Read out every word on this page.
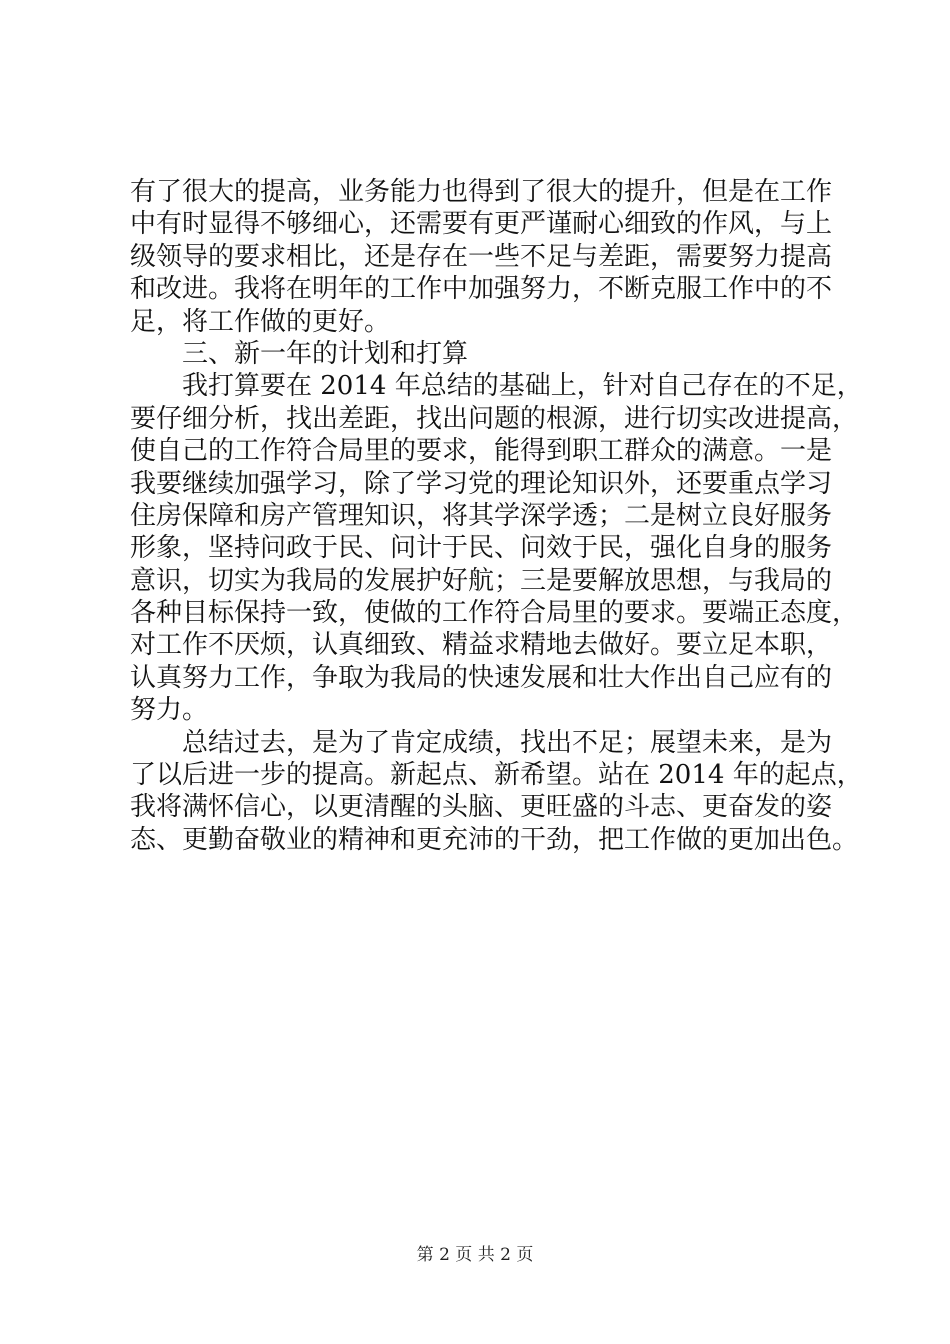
有了很大的提高，业务能力也得到了很大的提升，但是在工作
中有时显得不够细心，还需要有更严谨耐心细致的作风，与上
级领导的要求相比，还是存在一些不足与差距，需要努力提高
和改进。我将在明年的工作中加强努力，不断克服工作中的不
足，将工作做的更好。
三、新一年的计划和打算
我打算要在 2014 年总结的基础上，针对自己存在的不足，
要仔细分析，找出差距，找出问题的根源，进行切实改进提高，
使自己的工作符合局里的要求，能得到职工群众的满意。一是
我要继续加强学习，除了学习党的理论知识外，还要重点学习
住房保障和房产管理知识，将其学深学透；二是树立良好服务
形象，坚持问政于民、问计于民、问效于民，强化自身的服务
意识，切实为我局的发展护好航；三是要解放思想，与我局的
各种目标保持一致，使做的工作符合局里的要求。要端正态度，
对工作不厌烦，认真细致、精益求精地去做好。要立足本职，
认真努力工作，争取为我局的快速发展和壮大作出自己应有的
努力。
总结过去，是为了肯定成绩，找出不足；展望未来，是为
了以后进一步的提高。新起点、新希望。站在 2014 年的起点，
我将满怀信心，以更清醒的头脑、更旺盛的斗志、更奋发的姿
态、更勤奋敬业的精神和更充沛的干劲，把工作做的更加出色。
第 2 页 共 2 页
